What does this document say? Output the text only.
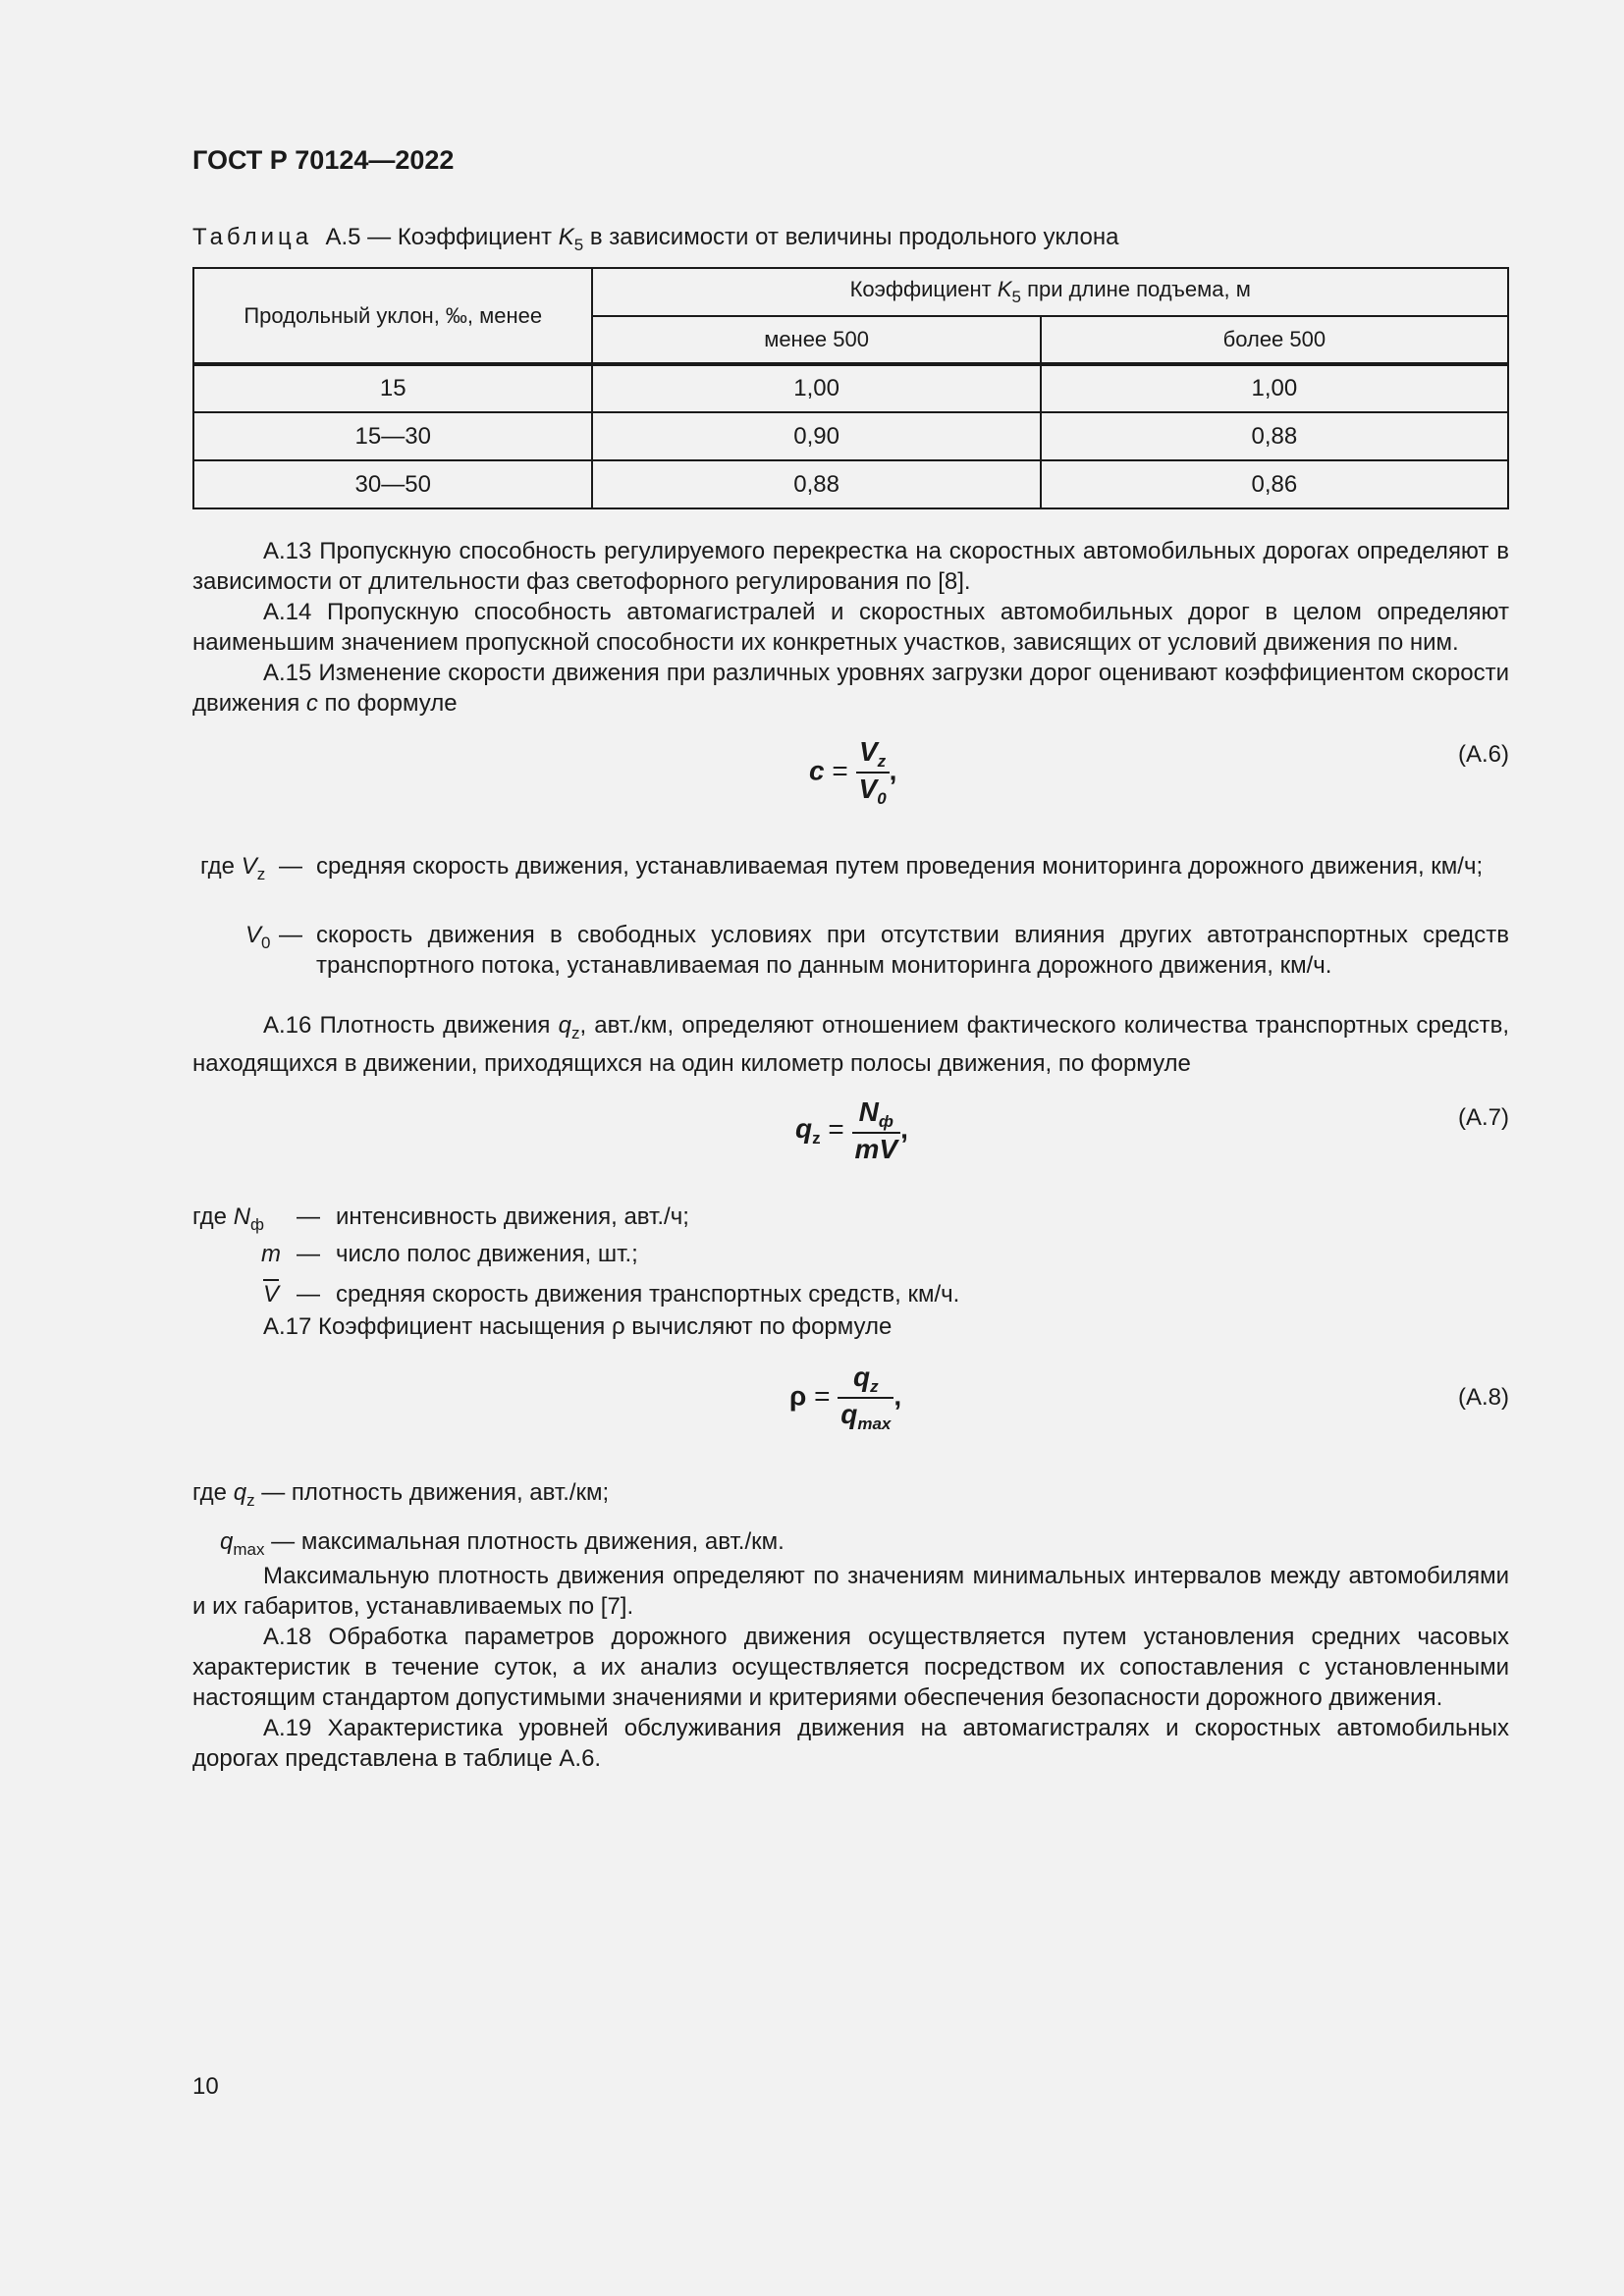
ГОСТ Р 70124—2022
Таблица А.5 — Коэффициент $K_5$ в зависимости от величины продольного уклона
Продольный уклон, ‰, менее	Коэффициент $K_5$ при длине подъема, м	
	менее 500	более 500
15	1,00	1,00
15—30	0,90	0,88
30—50	0,88	0,86
А.13 Пропускную способность регулируемого перекрестка на скоростных автомобильных дорогах определяют в зависимости от длительности фаз светофорного регулирования по [8].
А.14 Пропускную способность автомагистралей и скоростных автомобильных дорог в целом определяют наименьшим значением пропускной способности их конкретных участков, зависящих от условий движения по ним.
А.15 Изменение скорости движения при различных уровнях загрузки дорог оценивают коэффициентом скорости движения c по формуле
$c = \frac{V_z}{V_0}$ ,
(А.6)
где $V_z$ — средняя скорость движения, устанавливаемая путем проведения мониторинга дорожного движения, км/ч;
$V_0$ — скорость движения в свободных условиях при отсутствии влияния других автотранспортных средств транспортного потока, устанавливаемая по данным мониторинга дорожного движения, км/ч.
А.16 Плотность движения $q_z$, авт./км, определяют отношением фактического количества транспортных средств, находящихся в движении, приходящихся на один километр полосы движения, по формуле
$q_z = \frac{N_ф}{mV}$ ,	(А.7)
где $N_ф$ — интенсивность движения, авт./ч;
m — число полос движения, шт.;
$\overline{V}$ — средняя скорость движения транспортных средств, км/ч.
А.17 Коэффициент насыщения ρ вычисляют по формуле
$\rho = \frac{q_z}{q_{max}}$ ,	(А.8)
где $q_z$ — плотность движения, авт./км;
$q_{max}$ — максимальная плотность движения, авт./км.
Максимальную плотность движения определяют по значениям минимальных интервалов между автомобилями и их габаритов, устанавливаемых по [7].
А.18 Обработка параметров дорожного движения осуществляется путем установления средних часовых характеристик в течение суток, а их анализ осуществляется посредством их сопоставления с установленными настоящим стандартом допустимыми значениями и критериями обеспечения безопасности дорожного движения.
А.19 Характеристика уровней обслуживания движения на автомагистралях и скоростных автомобильных дорогах представлена в таблице А.6.
10
